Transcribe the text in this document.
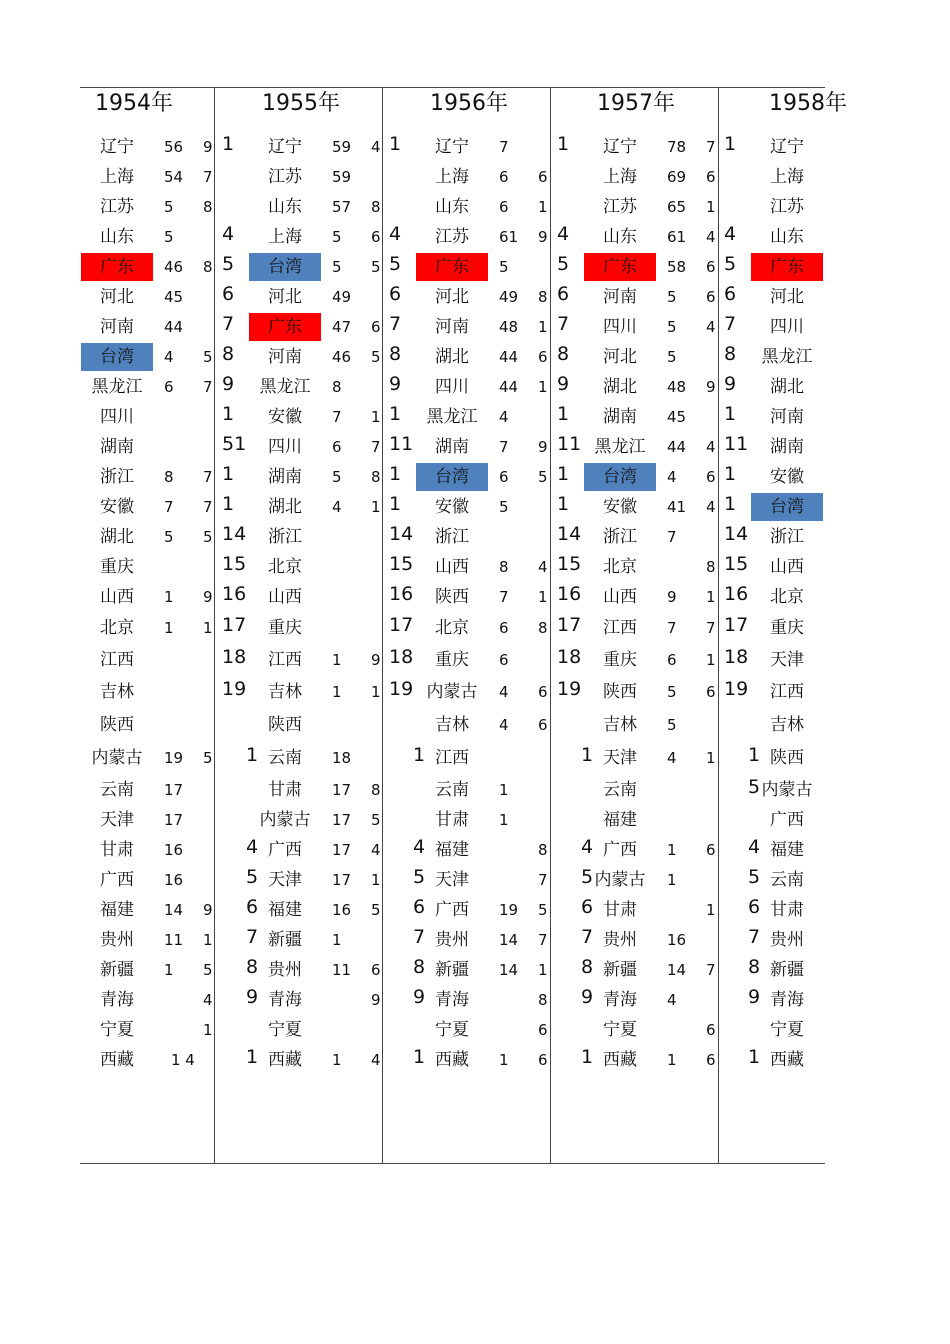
1954年
辽宁
上海
江苏
山东
广东
河北
河南
台湾
黑龙江
四川
湖南
浙江
安徽
湖北
重庆
山西
北京
江西
吉林
陕西
内蒙古
云南
天津
甘肃
广西
福建
贵州
新疆
青海
宁夏
西藏
56
54
5
5
46
45
44
4
6
8
7
5
1
1
19
17
17
16
16
14
11
1
9
7
8
8
5
7
7
7
5
9
1
5
9
1
5
4
1
1 4
1955年
辽宁
江苏
山东
上海
台湾
河北
广东
河南
黑龙江
安徽
四川
湖南
湖北
浙江
北京
山西
重庆
江西
吉林
陕西
云南
甘肃
内蒙古
广西
天津
福建
新疆
贵州
青海
宁夏
西藏
59
59
57
5
5
49
47
46
8
7
6
5
4
1
1
18
17
17
17
17
16
1
11
1
4
8
6
5
6
5
1
7
8
1
9
1
8
5
4
1
5
6
9
4
1
4
5
6
7
8
9
1
51
1
1
14
15
16
17
18
19
1
4
5
6
7
8
9
1
1956年
辽宁
上海
山东
江苏
广东
河北
河南
湖北
四川
黑龙江
湖南
台湾
安徽
浙江
山西
陕西
北京
重庆
内蒙古
吉林
江西
云南
甘肃
福建
天津
广西
贵州
新疆
青海
宁夏
西藏
7
6
6
61
5
49
48
44
44
4
7
6
5
8
7
6
6
4
4
1
1
19
14
14
1
6
1
9
8
1
6
1
9
5
4
1
8
6
6
8
7
5
7
1
8
6
6
1
4
5
6
7
8
9
1
11
1
1
14
15
16
17
18
19
1
4
5
6
7
8
9
1
1957年
辽宁
上海
江苏
山东
广东
河南
四川
河北
湖北
湖南
黑龙江
台湾
安徽
浙江
北京
山西
江西
重庆
陕西
吉林
天津
云南
福建
广西
内蒙古
甘肃
贵州
新疆
青海
宁夏
西藏
78
69
65
61
58
5
5
5
48
45
44
4
41
7
9
7
6
5
5
4
1
1
16
14
4
1
7
6
1
4
6
6
4
9
4
6
4
8
1
7
1
6
1
6
1
7
6
6
1
4
5
6
7
8
9
1
11
1
1
14
15
16
17
18
19
1
4
5
6
7
8
9
1
1958年
辽宁
上海
江苏
山东
广东
河北
四川
黑龙江
湖北
河南
湖南
安徽
台湾
浙江
山西
北京
重庆
天津
江西
吉林
陕西
内蒙古
广西
福建
云南
甘肃
贵州
新疆
青海
宁夏
西藏
1
4
5
6
7
8
9
1
11
1
1
14
15
16
17
18
19
1
5
4
5
6
7
8
9
1
